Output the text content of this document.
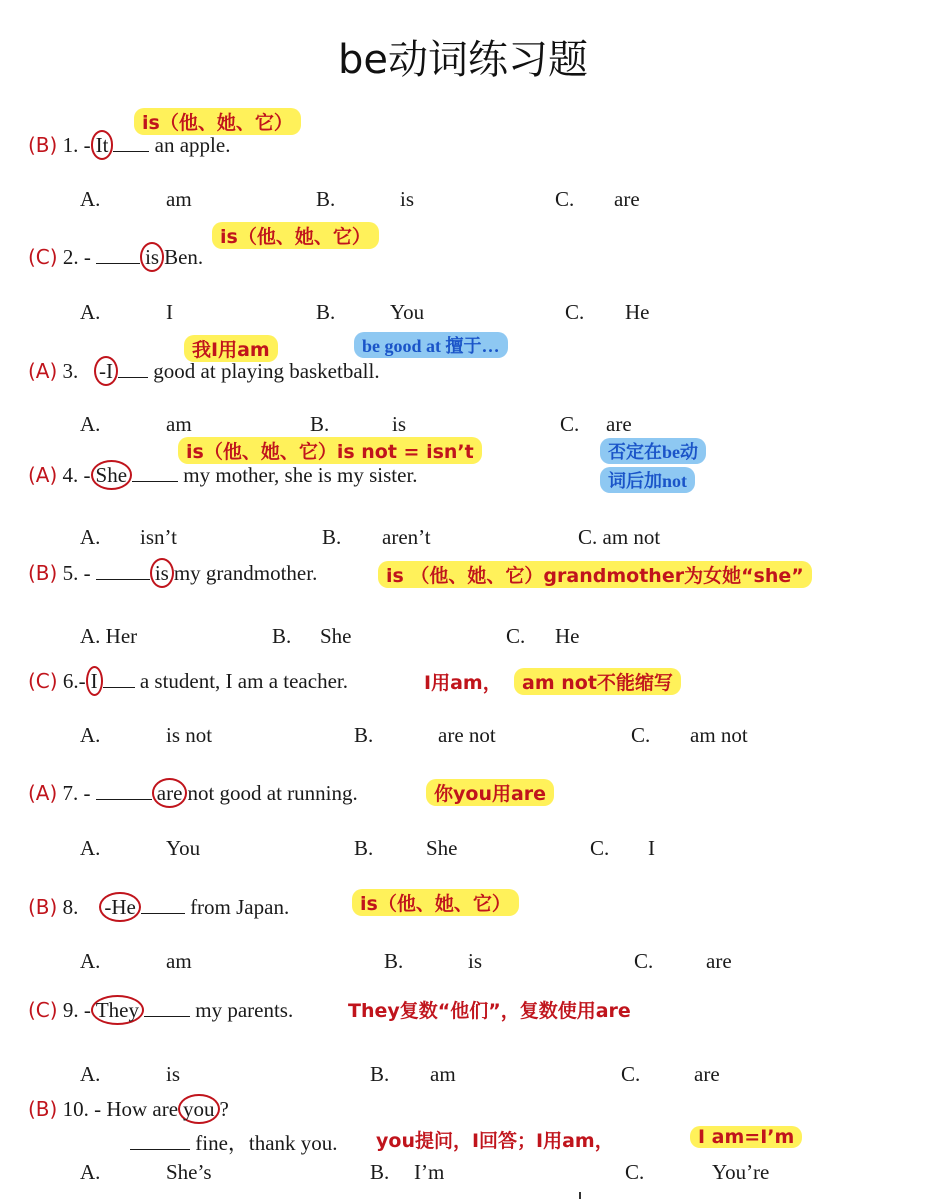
be动词练习题
is（他、她、它）
(B) 1. - It an apple.
A.	am	B.	is	C. are
is（他、她、它）
(C) 2. -	is Ben.
A.	I	B.	You	C. He
我I用am	be good at 擅于…
(A) 3. -I good at playing basketball.
A.	am	B.	is	C. are
is（他、她、它）is not = isn’t	否定在be动
词后加not
(A) 4. - She	my mother, she is my sister.
A. isn’t	B. aren’t	C. am not
(B) 5. -	is my grandmother.	is （他、她、它）grandmother为女她“she”
A. Her	B. She	C. He
(C) 6.- I a student, I am a teacher.	I用am，	am not不能缩写
A.	is not	B.	are not	C. am not
(A) 7. -	are not good at running.	你you用are
A.	You	B.	She	C. I
(B) 8. -He	from Japan.	is（他、她、它）
A.	am	B.	is	C.	are
(C) 9. - They	my parents.	They复数“他们”，复数使用are
A.	is	B. am	C.	are
(B) 10. - How are you ?
fine，thank you. you提问，I回答；I用am，	I am=I’m
A.	She’s	B. I’m	C.	You’re
